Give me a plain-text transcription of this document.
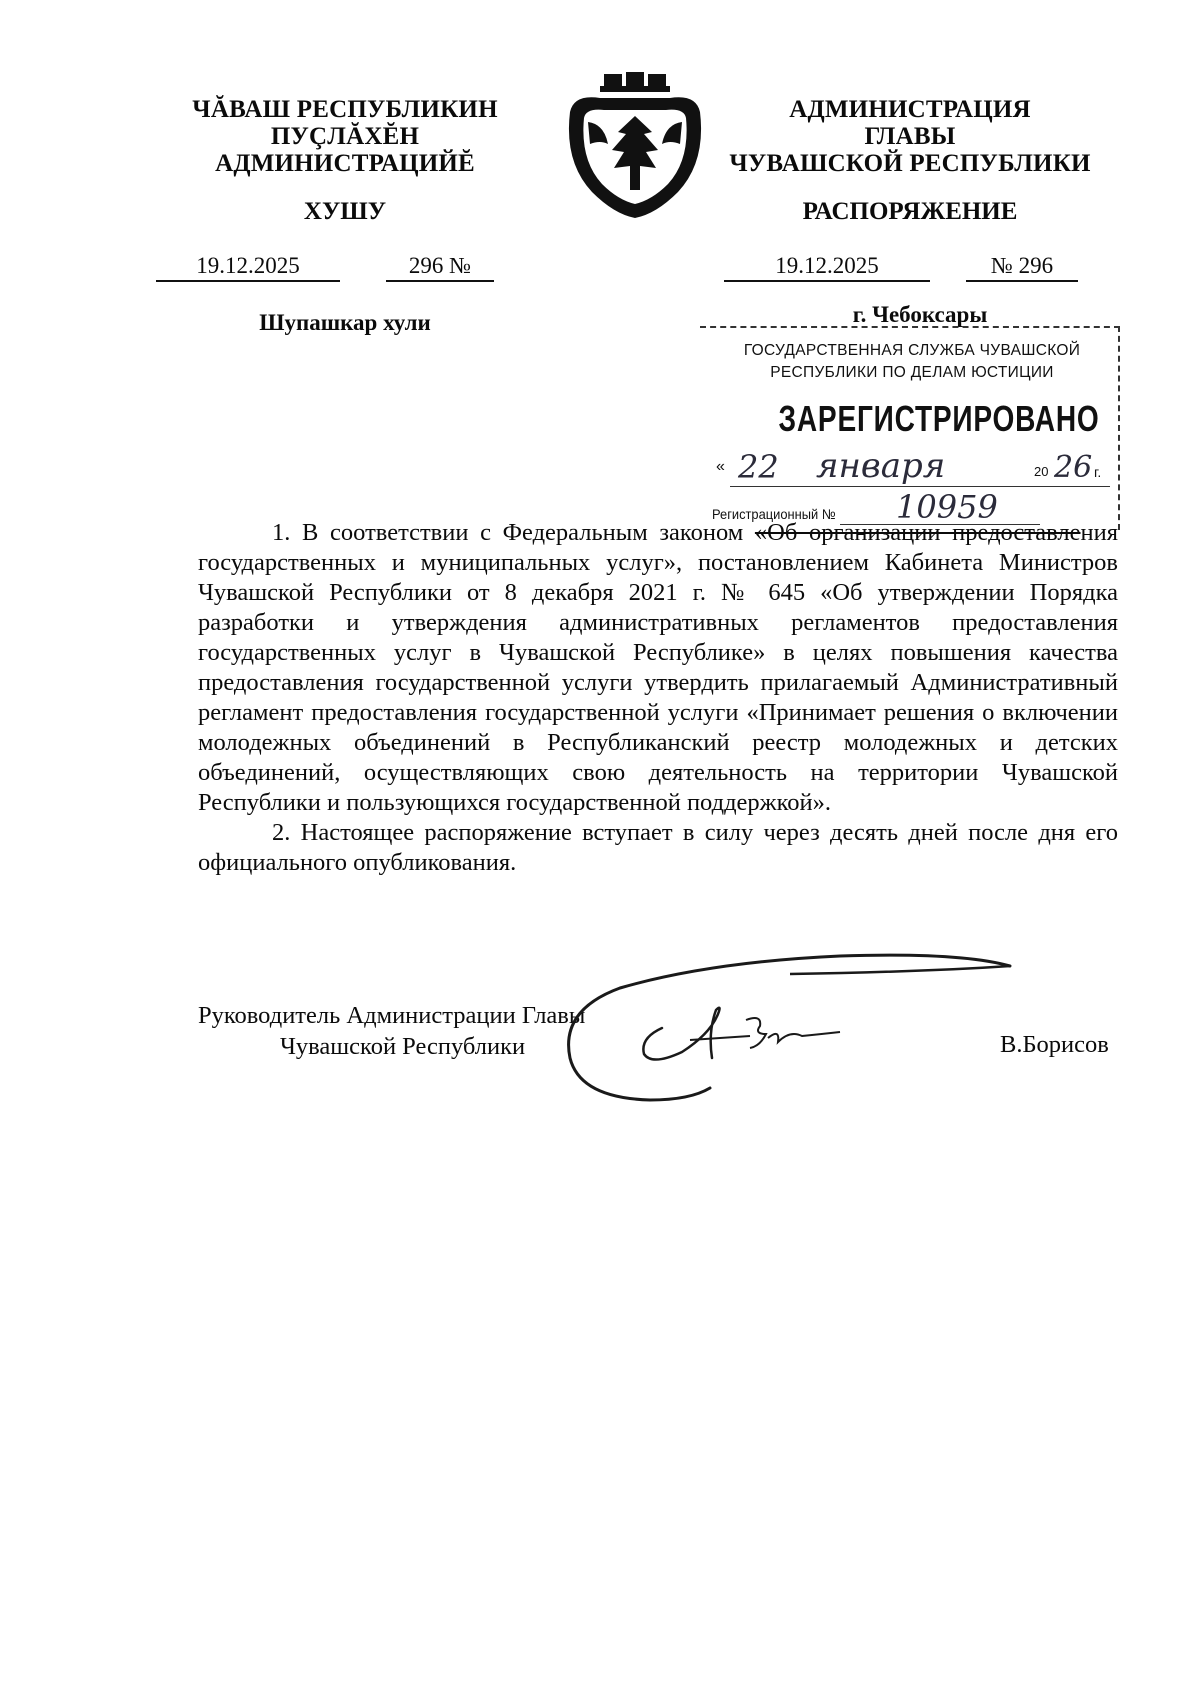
ЧĂВАШ РЕСПУБЛИКИН
ПУÇЛĂХĔН
АДМИНИСТРАЦИЙĔ
АДМИНИСТРАЦИЯ
ГЛАВЫ
ЧУВАШСКОЙ РЕСПУБЛИКИ
ХУШУ	РАСПОРЯЖЕНИЕ
19.12.2025	296 №	19.12.2025	№ 296
Шупашкар хули	г. Чебоксары
ГОСУДАРСТВЕННАЯ СЛУЖБА ЧУВАШСКОЙ
РЕСПУБЛИКИ ПО ДЕЛАМ ЮСТИЦИИ
ЗАРЕГИСТРИРОВАНО
« 22 января	20 26 г.
Регистрационный № 10959

1. В соответствии с Федеральным законом «Об организации предоставления государственных и муниципальных услуг», постановлением Кабинета Министров Чувашской Республики от 8 декабря 2021 г. № 645 «Об утверждении Порядка разработки и утверждения административных регламентов предоставления государственных услуг в Чувашской Республике» в целях повышения качества предоставления государственной услуги утвердить прилагаемый Административный регламент предоставления государственной услуги «Принимает решения о включении молодежных объединений в Республиканский реестр молодежных и детских объединений, осуществляющих свою деятельность на территории Чувашской Республики и пользующихся государственной поддержкой».

2. Настоящее распоряжение вступает в силу через десять дней после дня его официального опубликования.

Руководитель Администрации Главы
Чувашской Республики	В.Борисов
